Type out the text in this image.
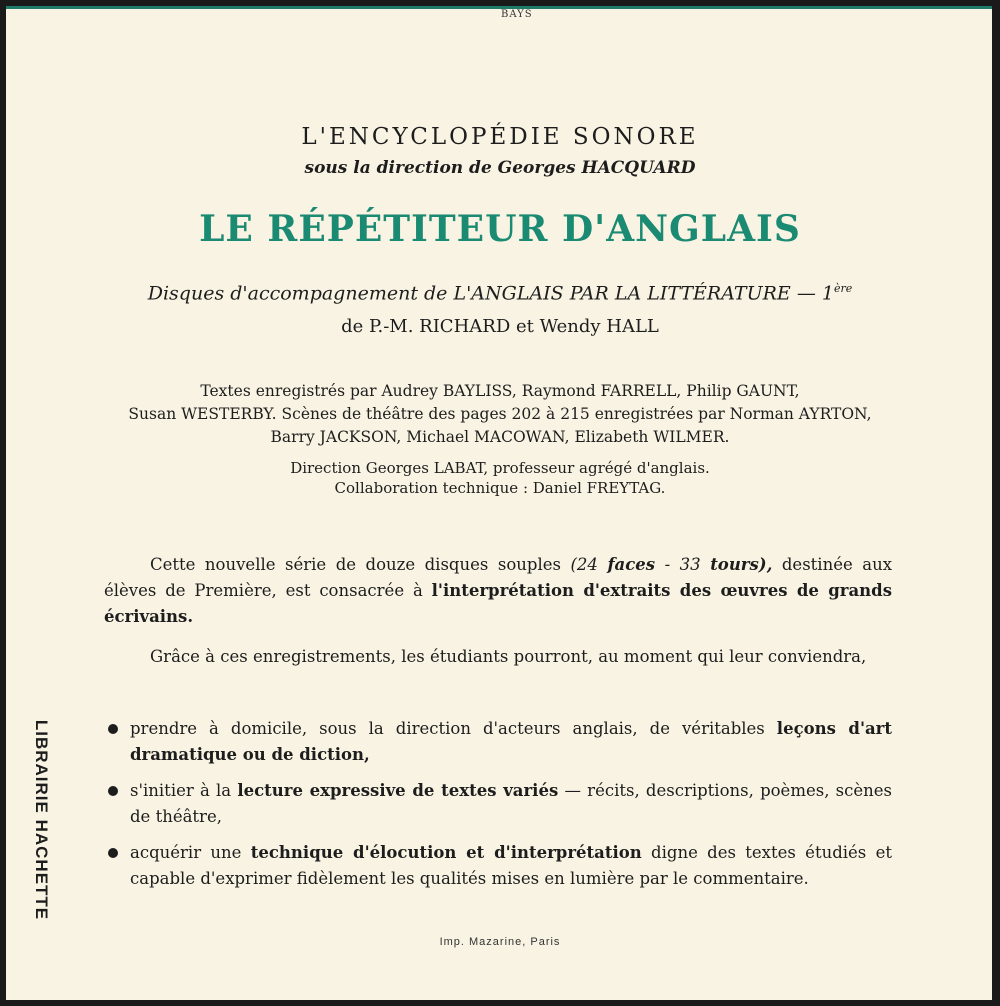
BAYS
L'ENCYCLOPÉDIE SONORE
sous la direction de Georges HACQUARD
LE RÉPÉTITEUR D'ANGLAIS
Disques d'accompagnement de L'ANGLAIS PAR LA LITTÉRATURE — 1ère
de P.-M. RICHARD et Wendy HALL
Textes enregistrés par Audrey BAYLISS, Raymond FARRELL, Philip GAUNT,
Susan WESTERBY. Scènes de théâtre des pages 202 à 215 enregistrées par Norman AYRTON,
Barry JACKSON, Michael MACOWAN, Elizabeth WILMER.
Direction Georges LABAT, professeur agrégé d'anglais.
Collaboration technique : Daniel FREYTAG.
Cette nouvelle série de douze disques souples (24 faces - 33 tours), destinée aux élèves de Première, est consacrée à l'interprétation d'extraits des œuvres de grands écrivains.
Grâce à ces enregistrements, les étudiants pourront, au moment qui leur conviendra,
prendre à domicile, sous la direction d'acteurs anglais, de véritables leçons d'art dramatique ou de diction,
s'initier à la lecture expressive de textes variés — récits, descriptions, poèmes, scènes de théâtre,
acquérir une technique d'élocution et d'interprétation digne des textes étudiés et capable d'exprimer fidèlement les qualités mises en lumière par le commentaire.
LIBRAIRIE HACHETTE
Imp. Mazarine, Paris
